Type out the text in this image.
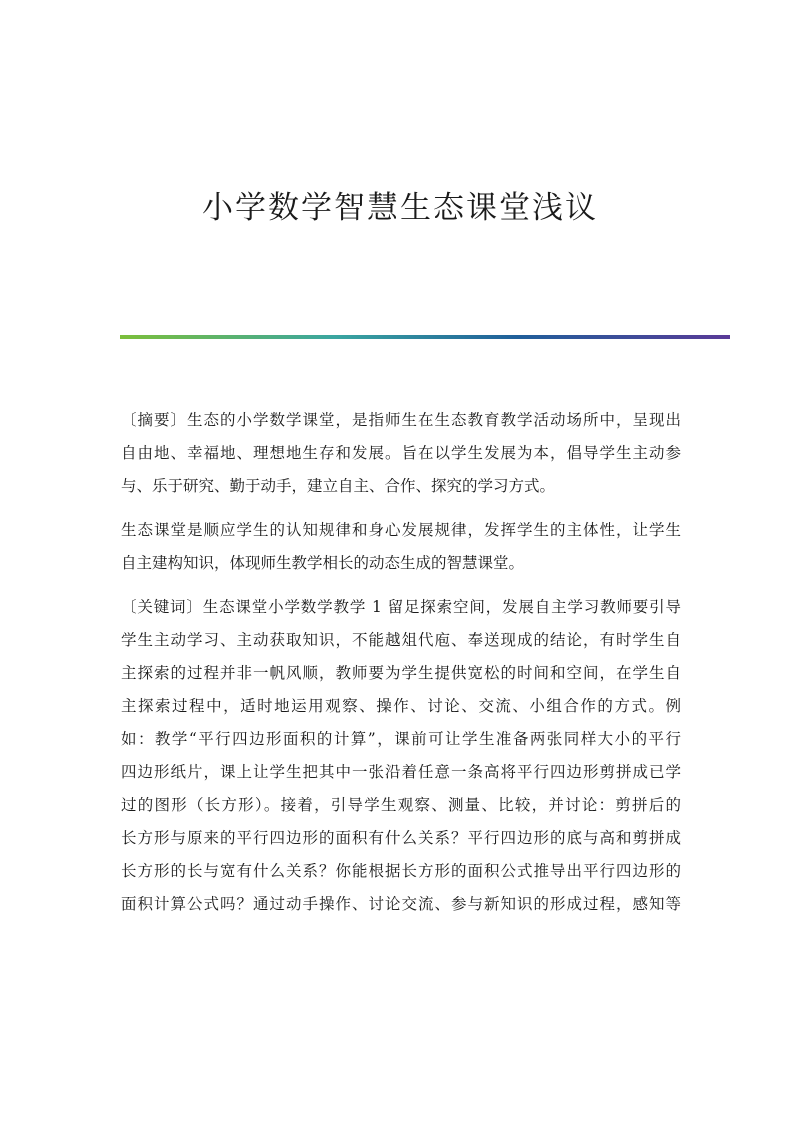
小学数学智慧生态课堂浅议

〔摘要〕生态的小学数学课堂，是指师生在生态教育教学活动场所中，呈现出
自由地、幸福地、理想地生存和发展。旨在以学生发展为本，倡导学生主动参
与、乐于研究、勤于动手，建立自主、合作、探究的学习方式。

生态课堂是顺应学生的认知规律和身心发展规律，发挥学生的主体性，让学生
自主建构知识，体现师生教学相长的动态生成的智慧课堂。

〔关键词〕生态课堂小学数学教学 1 留足探索空间，发展自主学习教师要引导
学生主动学习、主动获取知识，不能越俎代庖、奉送现成的结论，有时学生自
主探索的过程并非一帆风顺，教师要为学生提供宽松的时间和空间，在学生自
主探索过程中，适时地运用观察、操作、讨论、交流、小组合作的方式。例
如：教学“平行四边形面积的计算”，课前可让学生准备两张同样大小的平行
四边形纸片，课上让学生把其中一张沿着任意一条高将平行四边形剪拼成已学
过的图形（长方形）。接着，引导学生观察、测量、比较，并讨论：剪拼后的
长方形与原来的平行四边形的面积有什么关系？平行四边形的底与高和剪拼成
长方形的长与宽有什么关系？你能根据长方形的面积公式推导出平行四边形的
面积计算公式吗？通过动手操作、讨论交流、参与新知识的形成过程，感知等
